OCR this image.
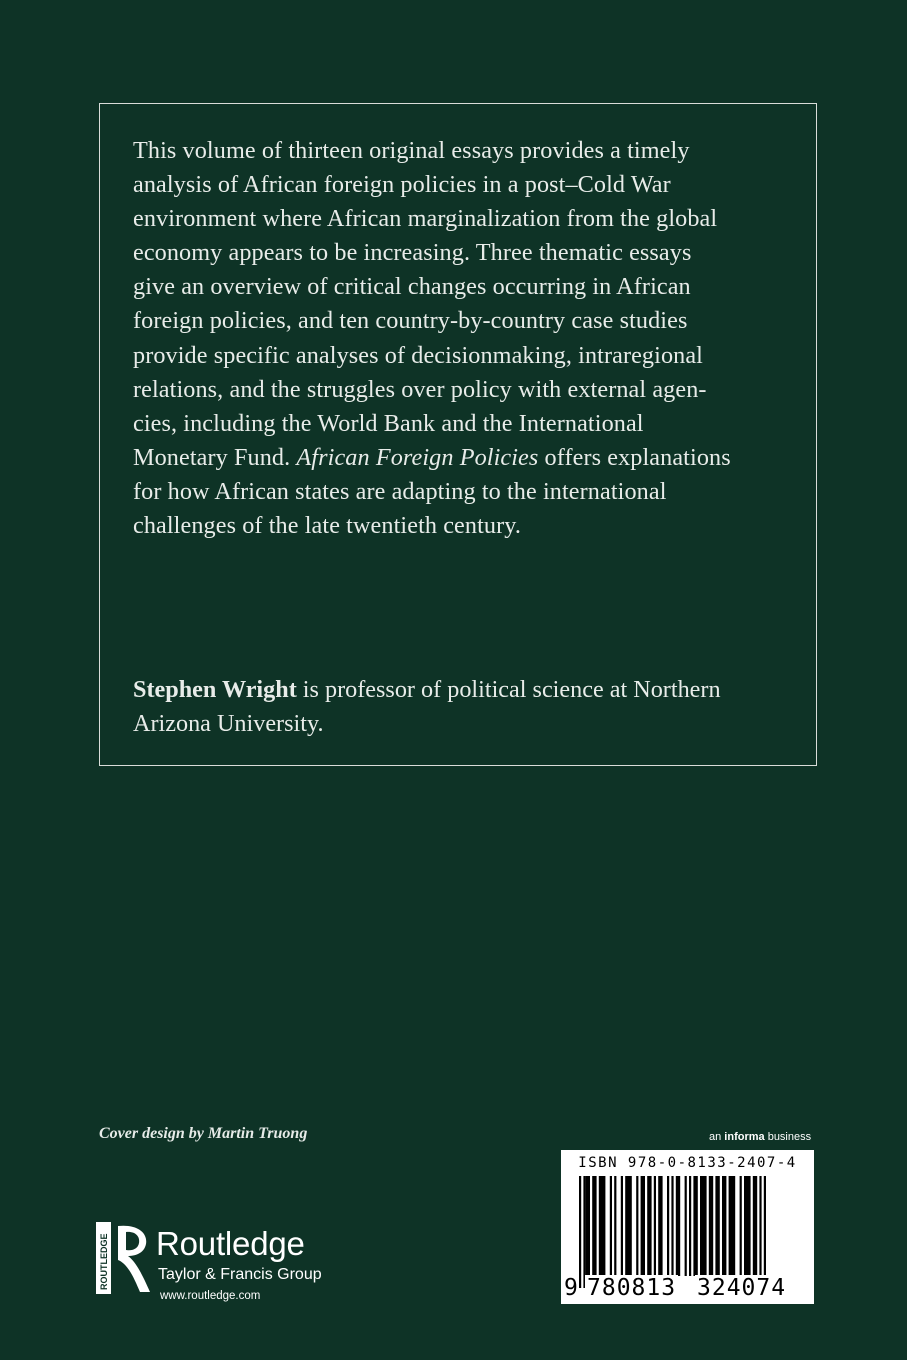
This volume of thirteen original essays provides a timely
analysis of African foreign policies in a post–Cold War
environment where African marginalization from the global
economy appears to be increasing. Three thematic essays
give an overview of critical changes occurring in African
foreign policies, and ten country-by-country case studies
provide specific analyses of decisionmaking, intraregional
relations, and the struggles over policy with external agen-
cies, including the World Bank and the International
Monetary Fund. African Foreign Policies offers explanations
for how African states are adapting to the international
challenges of the late twentieth century.
Stephen Wright is professor of political science at Northern
Arizona University.
Cover design by Martin Truong	an informa business
ISBN 978-0-8133-2407-4
9 780813 324074
ROUTLEDGE Routledge
Taylor & Francis Group
www.routledge.com
